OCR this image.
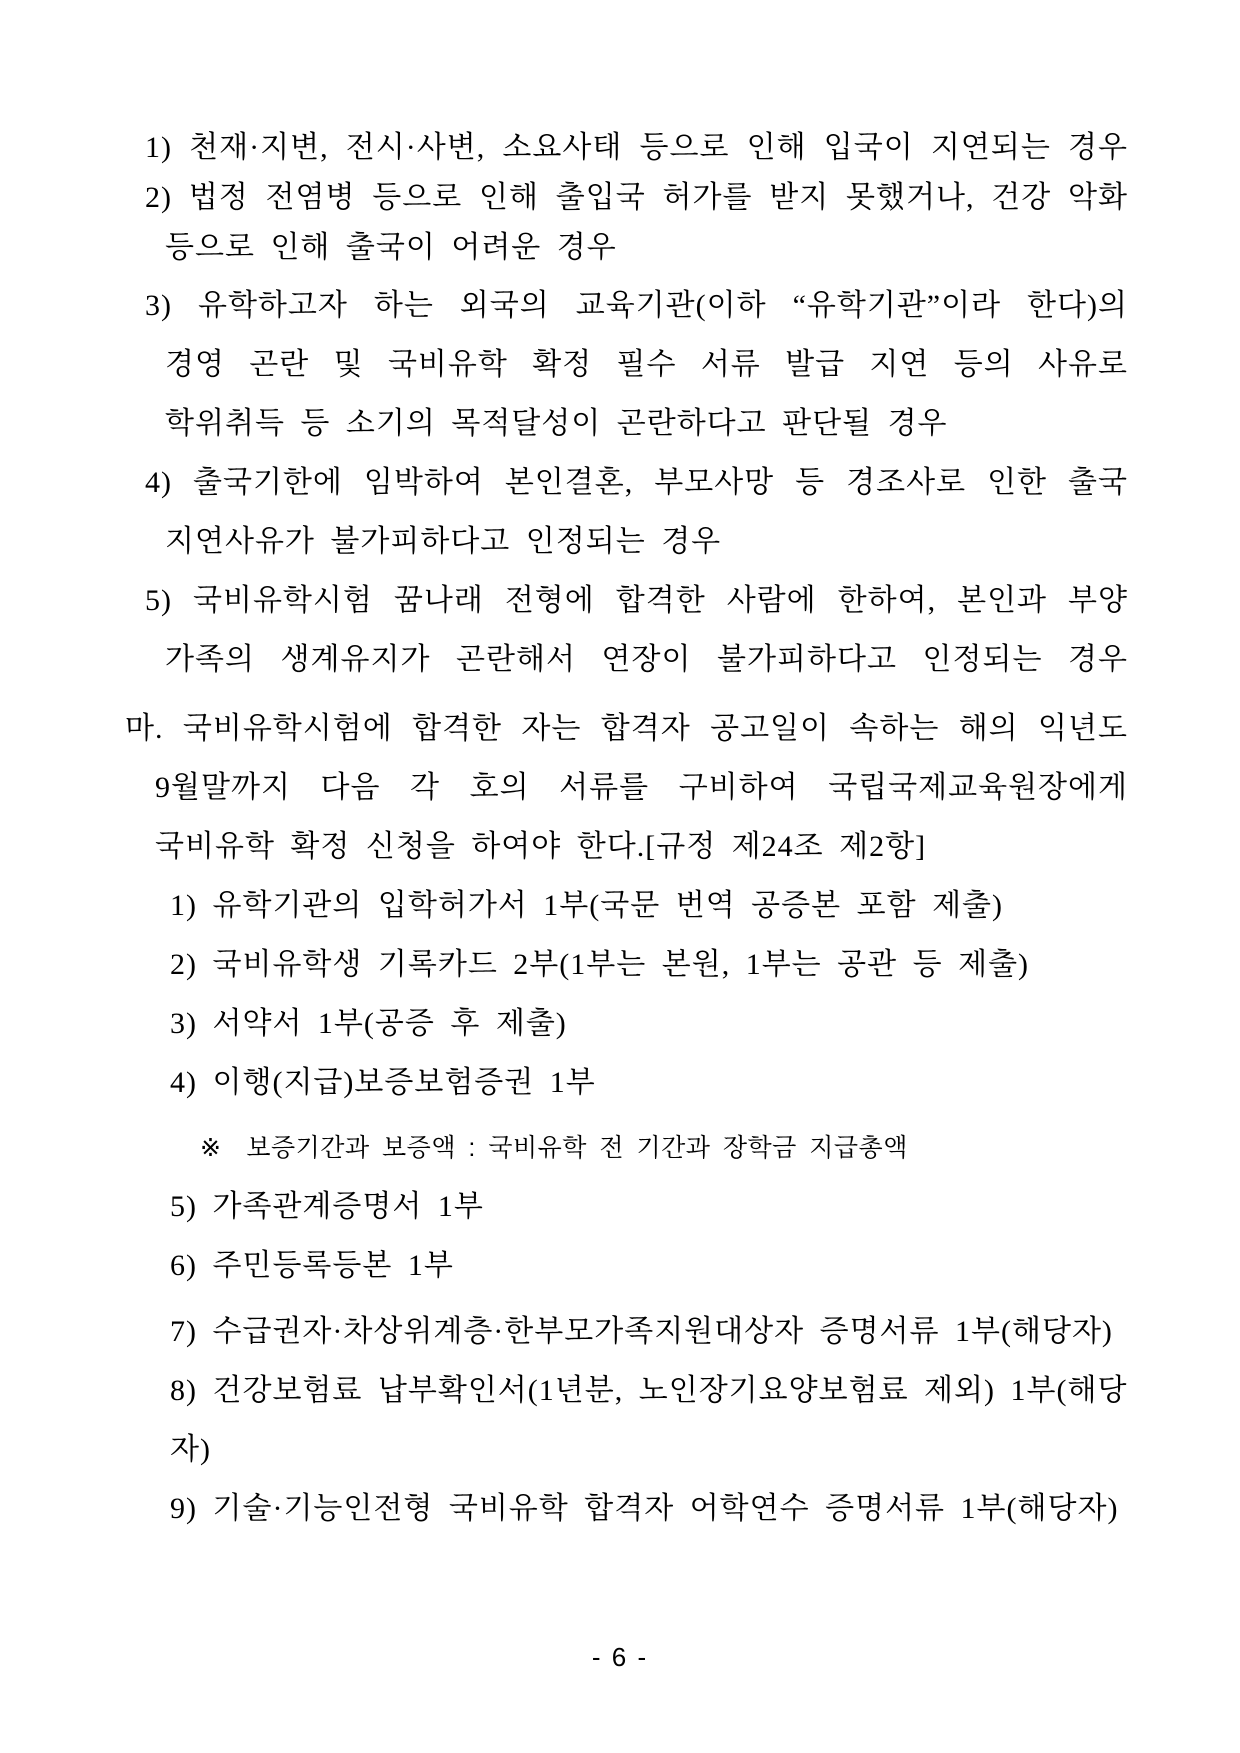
1) 천재·지변, 전시·사변, 소요사태 등으로 인해 입국이 지연되는 경우
2) 법정 전염병 등으로 인해 출입국 허가를 받지 못했거나, 건강 악화
등으로 인해 출국이 어려운 경우
3) 유학하고자 하는 외국의 교육기관(이하 “유학기관”이라 한다)의
경영 곤란 및 국비유학 확정 필수 서류 발급 지연 등의 사유로
학위취득 등 소기의 목적달성이 곤란하다고 판단될 경우
4) 출국기한에 임박하여 본인결혼, 부모사망 등 경조사로 인한 출국
지연사유가 불가피하다고 인정되는 경우
5) 국비유학시험 꿈나래 전형에 합격한 사람에 한하여, 본인과 부양
가족의 생계유지가 곤란해서 연장이 불가피하다고 인정되는 경우
마. 국비유학시험에 합격한 자는 합격자 공고일이 속하는 해의 익년도
9월말까지 다음 각 호의 서류를 구비하여 국립국제교육원장에게
국비유학 확정 신청을 하여야 한다.[규정 제24조 제2항]
1) 유학기관의 입학허가서 1부(국문 번역 공증본 포함 제출)
2) 국비유학생 기록카드 2부(1부는 본원, 1부는 공관 등 제출)
3) 서약서 1부(공증 후 제출)
4) 이행(지급)보증보험증권 1부
※  보증기간과 보증액 : 국비유학 전 기간과 장학금 지급총액
5) 가족관계증명서 1부
6) 주민등록등본 1부
7) 수급권자·차상위계층·한부모가족지원대상자 증명서류 1부(해당자)
8) 건강보험료 납부확인서(1년분, 노인장기요양보험료 제외) 1부(해당자)
9) 기술·기능인전형 국비유학 합격자 어학연수 증명서류 1부(해당자)
- 6 -
